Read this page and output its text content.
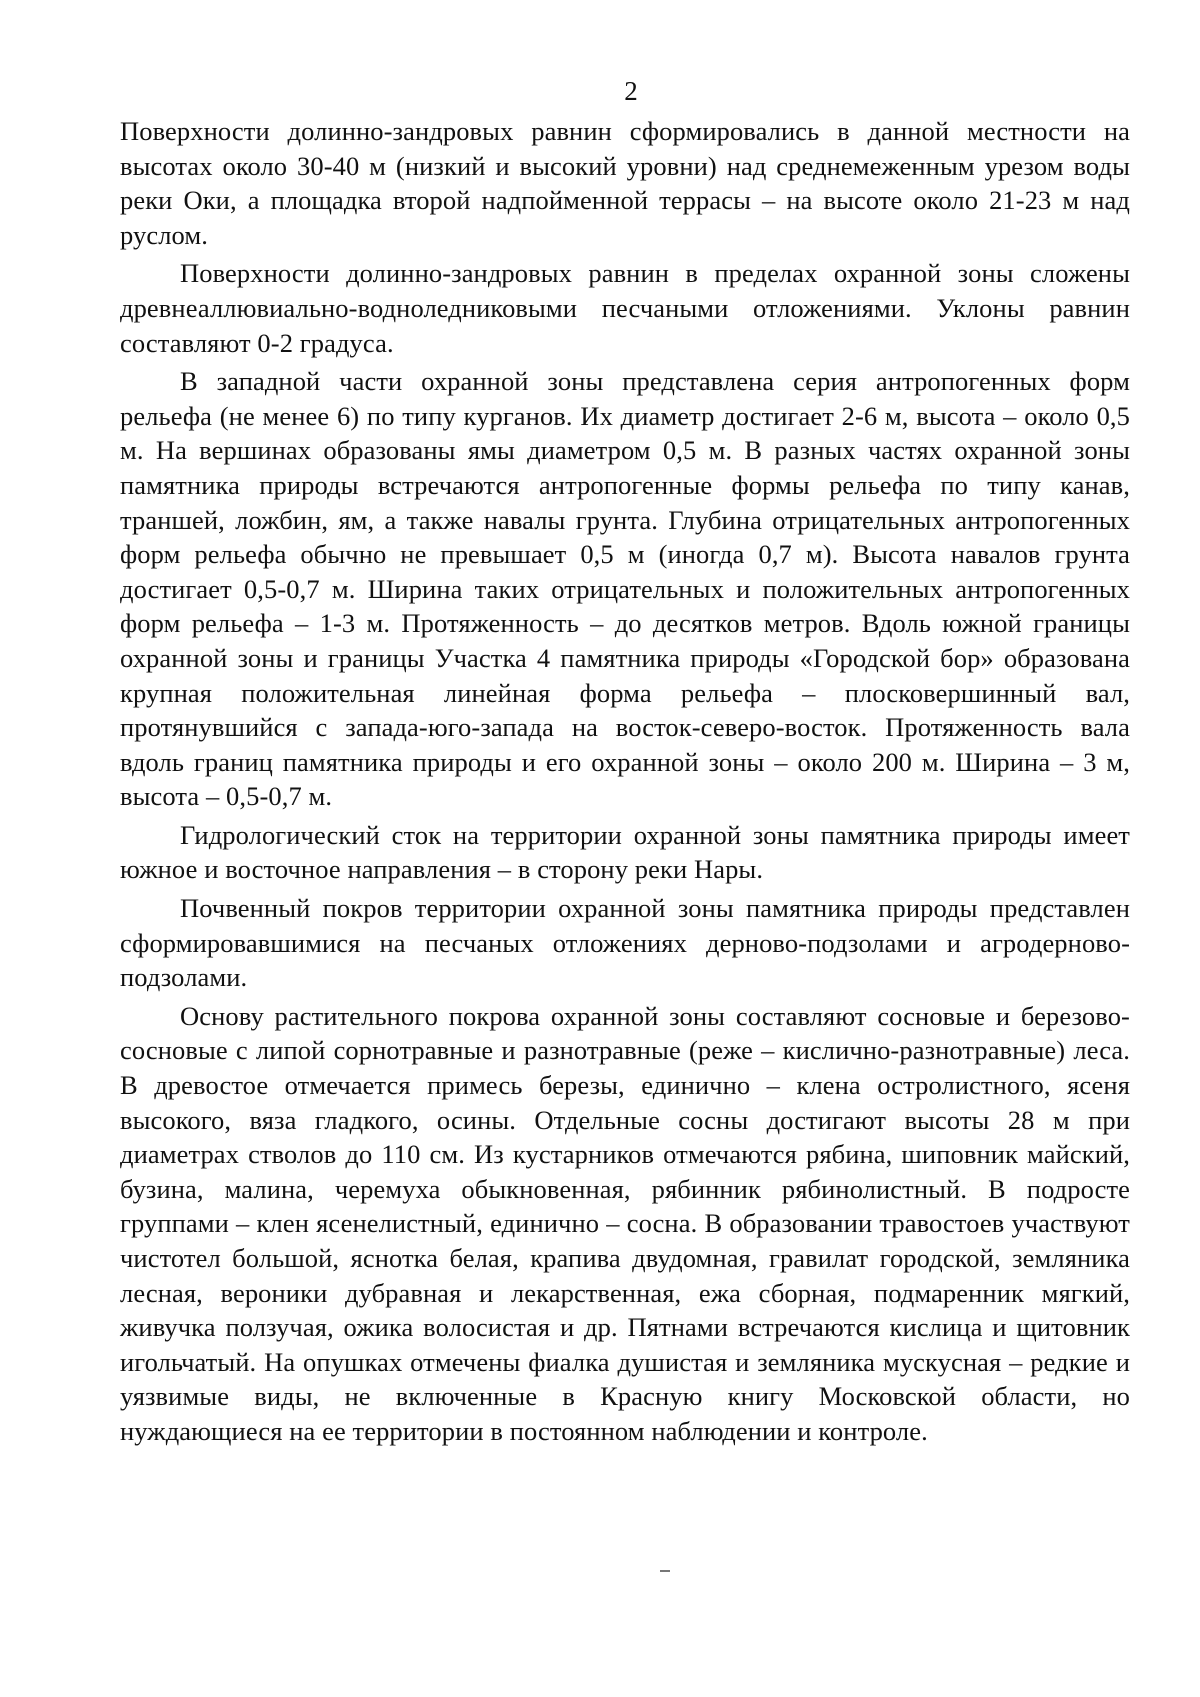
2

Поверхности долинно-зандровых равнин сформировались в данной местности на высотах около 30-40 м (низкий и высокий уровни) над среднемеженным урезом воды реки Оки, а площадка второй надпойменной террасы – на высоте около 21-23 м над руслом.

Поверхности долинно-зандровых равнин в пределах охранной зоны сложены древнеаллювиально-водноледниковыми песчаными отложениями. Уклоны равнин составляют 0-2 градуса.

В западной части охранной зоны представлена серия антропогенных форм рельефа (не менее 6) по типу курганов. Их диаметр достигает 2-6 м, высота – около 0,5 м. На вершинах образованы ямы диаметром 0,5 м. В разных частях охранной зоны памятника природы встречаются антропогенные формы рельефа по типу канав, траншей, ложбин, ям, а также навалы грунта. Глубина отрицательных антропогенных форм рельефа обычно не превышает 0,5 м (иногда 0,7 м). Высота навалов грунта достигает 0,5-0,7 м. Ширина таких отрицательных и положительных антропогенных форм рельефа – 1-3 м. Протяженность – до десятков метров. Вдоль южной границы охранной зоны и границы Участка 4 памятника природы «Городской бор» образована крупная положительная линейная форма рельефа – плосковершинный вал, протянувшийся с запада-юго-запада на восток-северо-восток. Протяженность вала вдоль границ памятника природы и его охранной зоны – около 200 м. Ширина – 3 м, высота – 0,5-0,7 м.

Гидрологический сток на территории охранной зоны памятника природы имеет южное и восточное направления – в сторону реки Нары.

Почвенный покров территории охранной зоны памятника природы представлен сформировавшимися на песчаных отложениях дерново-подзолами и агродерново-подзолами.

Основу растительного покрова охранной зоны составляют сосновые и березово-сосновые с липой сорнотравные и разнотравные (реже – кислично-разнотравные) леса. В древостое отмечается примесь березы, единично – клена остролистного, ясеня высокого, вяза гладкого, осины. Отдельные сосны достигают высоты 28 м при диаметрах стволов до 110 см. Из кустарников отмечаются рябина, шиповник майский, бузина, малина, черемуха обыкновенная, рябинник рябинолистный. В подросте группами – клен ясенелистный, единично – сосна. В образовании травостоев участвуют чистотел большой, яснотка белая, крапива двудомная, гравилат городской, земляника лесная, вероники дубравная и лекарственная, ежа сборная, подмаренник мягкий, живучка ползучая, ожика волосистая и др. Пятнами встречаются кислица и щитовник игольчатый. На опушках отмечены фиалка душистая и земляника мускусная – редкие и уязвимые виды, не включенные в Красную книгу Московской области, но нуждающиеся на ее территории в постоянном наблюдении и контроле.
